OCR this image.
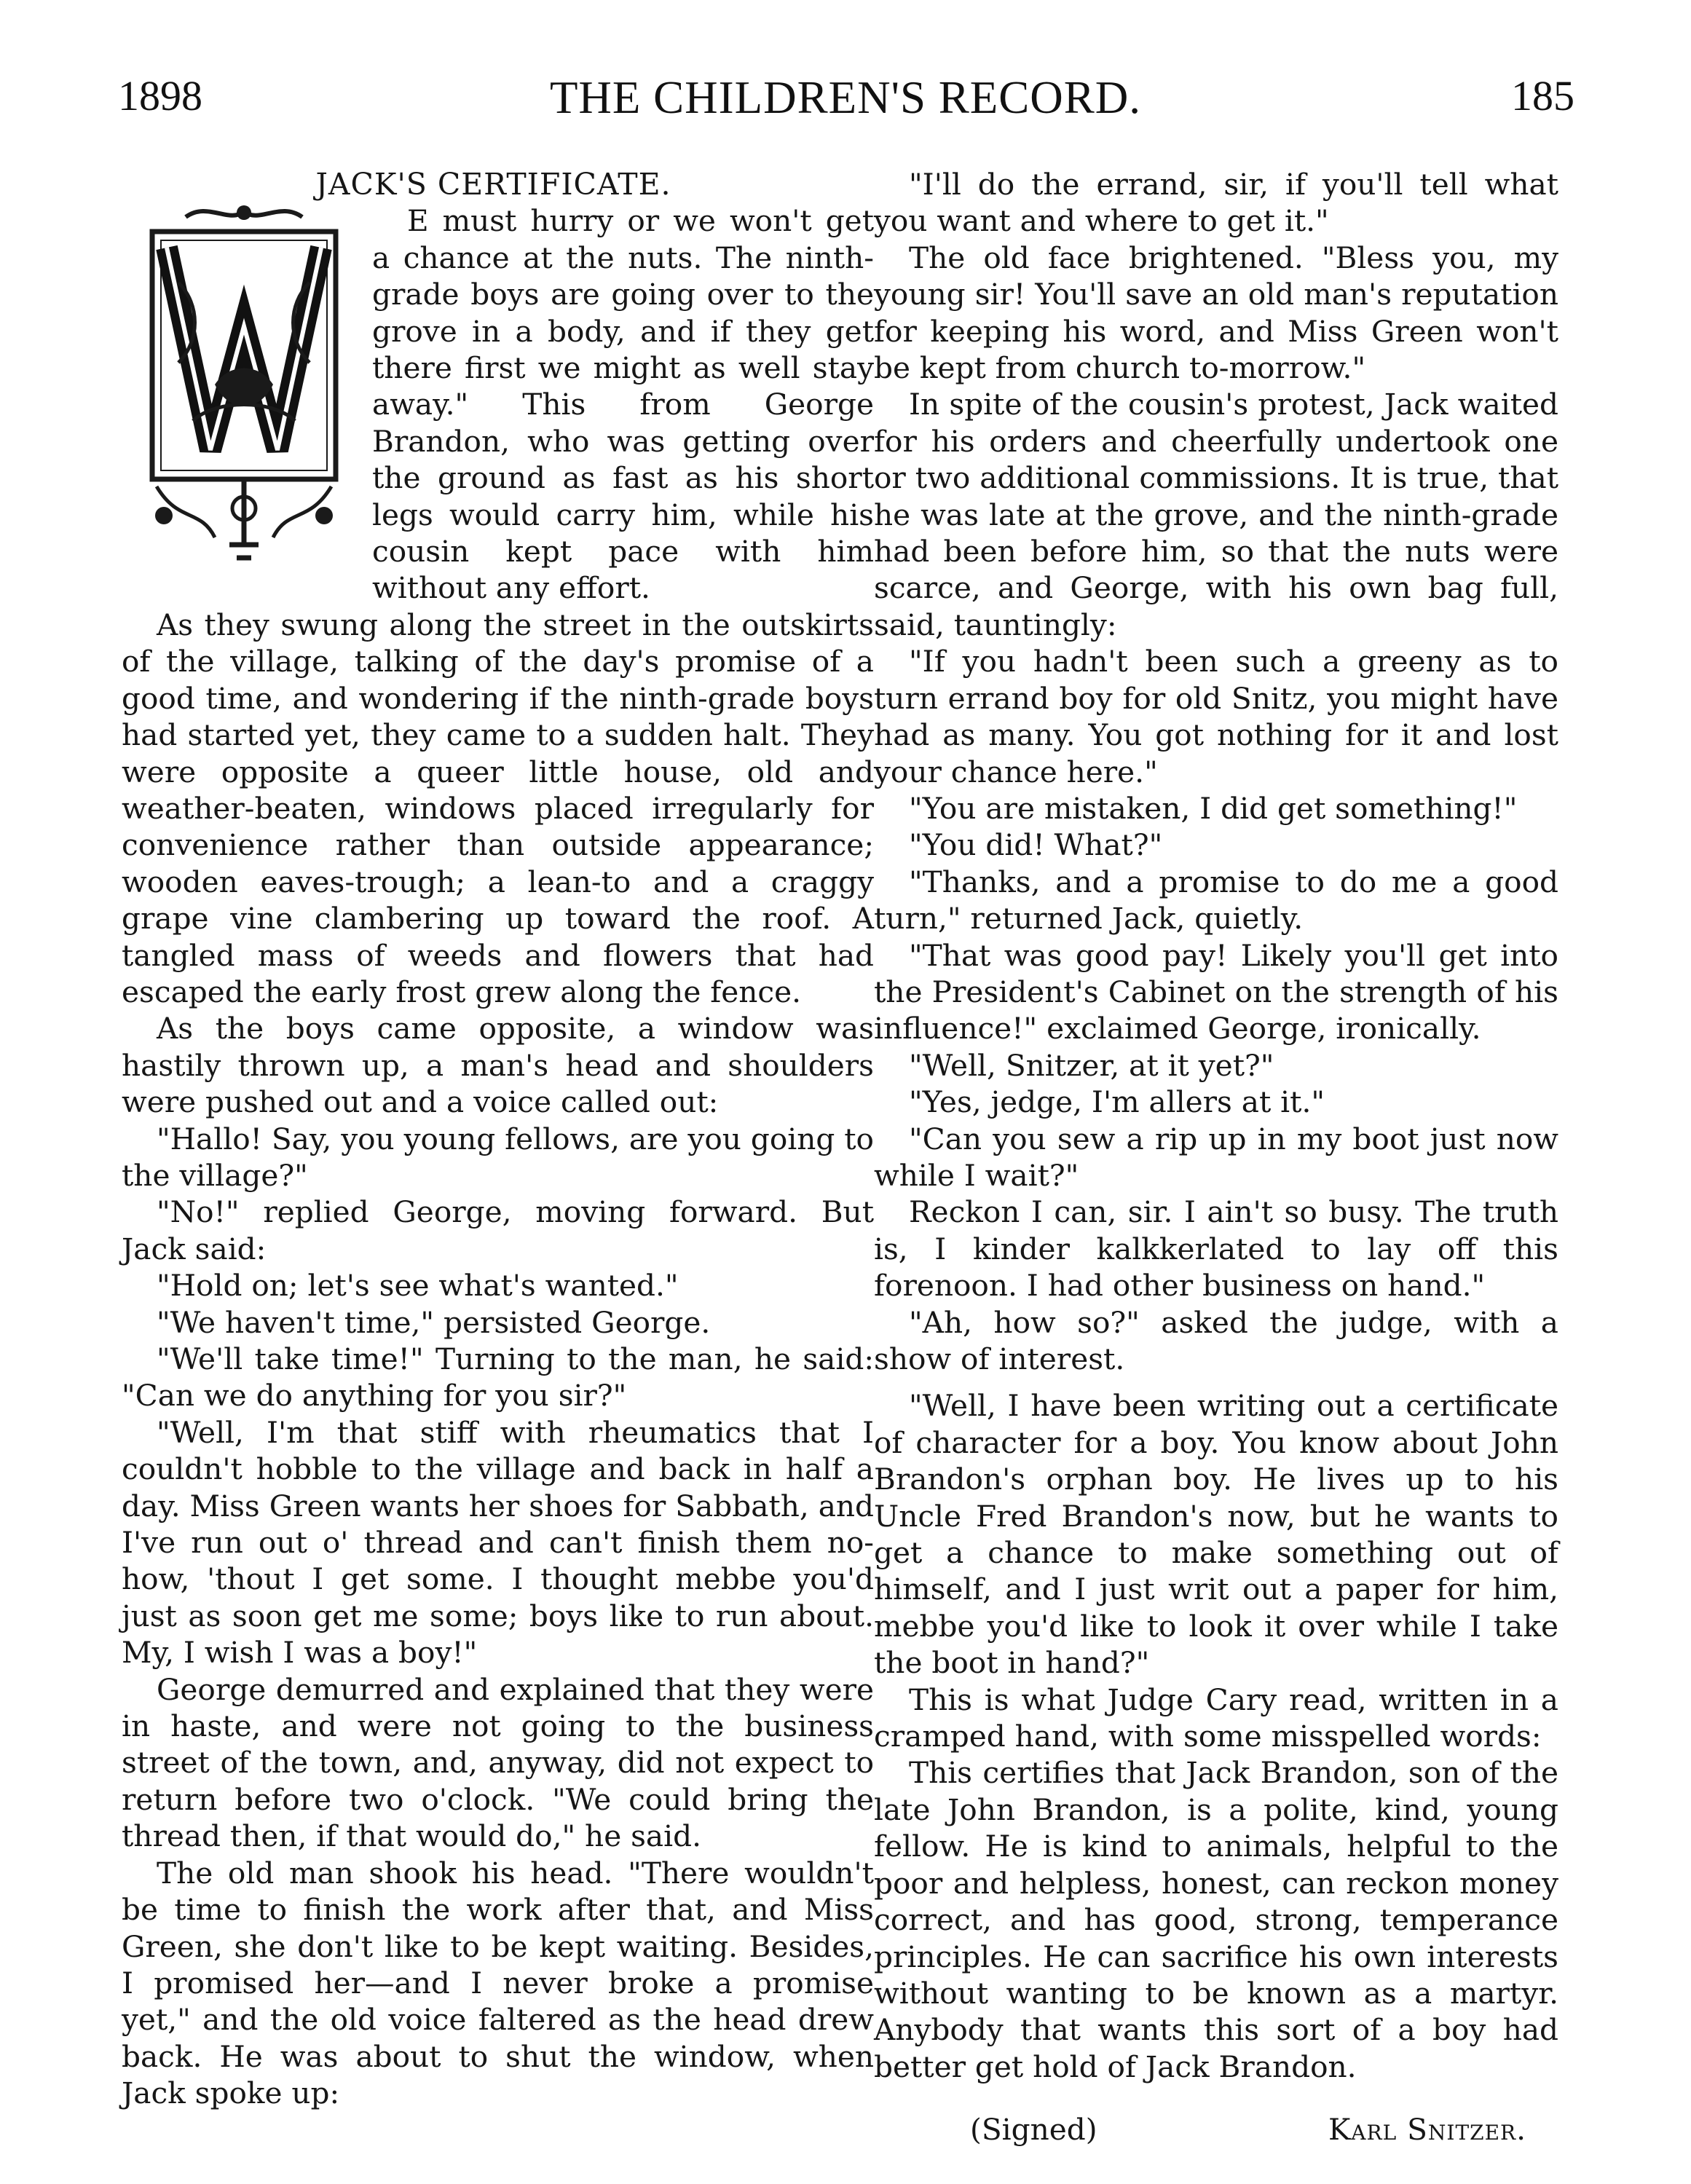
1898	THE CHILDREN'S RECORD.	185

JACK'S CERTIFICATE.

E must hurry or we won't get a chance at the nuts. The ninth-grade boys are going over to the grove in a body, and if they get there first we might as well stay away." This from George Brandon, who was getting over the ground as fast as his short legs would carry him, while his cousin kept pace with him without any effort.

As they swung along the street in the outskirts of the village, talking of the day's promise of a good time, and wondering if the ninth-grade boys had started yet, they came to a sudden halt. They were opposite a queer little house, old and weather-beaten, windows placed irregularly for convenience rather than outside appearance; wooden eaves-trough; a lean-to and a craggy grape vine clambering up toward the roof. A tangled mass of weeds and flowers that had escaped the early frost grew along the fence.

As the boys came opposite, a window was hastily thrown up, a man's head and shoulders were pushed out and a voice called out:

"Hallo! Say, you young fellows, are you going to the village?"

"No!" replied George, moving forward. But Jack said:

"Hold on; let's see what's wanted."

"We haven't time," persisted George.

"We'll take time!" Turning to the man, he said: "Can we do anything for you sir?"

"Well, I'm that stiff with rheumatics that I couldn't hobble to the village and back in half a day. Miss Green wants her shoes for Sabbath, and I've run out o' thread and can't finish them no-how, 'thout I get some. I thought mebbe you'd just as soon get me some; boys like to run about. My, I wish I was a boy!"

George demurred and explained that they were in haste, and were not going to the business street of the town, and, anyway, did not expect to return before two o'clock. "We could bring the thread then, if that would do," he said.

The old man shook his head. "There wouldn't be time to finish the work after that, and Miss Green, she don't like to be kept waiting. Besides, I promised her—and I never broke a promise yet," and the old voice faltered as the head drew back. He was about to shut the window, when Jack spoke up:

"I'll do the errand, sir, if you'll tell what you want and where to get it."

The old face brightened. "Bless you, my young sir! You'll save an old man's reputation for keeping his word, and Miss Green won't be kept from church to-morrow."

In spite of the cousin's protest, Jack waited for his orders and cheerfully undertook one or two additional commissions. It is true, that he was late at the grove, and the ninth-grade had been before him, so that the nuts were scarce, and George, with his own bag full, said, tauntingly:

"If you hadn't been such a greeny as to turn errand boy for old Snitz, you might have had as many. You got nothing for it and lost your chance here."

"You are mistaken, I did get something!"

"You did! What?"

"Thanks, and a promise to do me a good turn," returned Jack, quietly.

"That was good pay! Likely you'll get into the President's Cabinet on the strength of his influence!" exclaimed George, ironically.

"Well, Snitzer, at it yet?"

"Yes, jedge, I'm allers at it."

"Can you sew a rip up in my boot just now while I wait?"

Reckon I can, sir. I ain't so busy. The truth is, I kinder kalkkerlated to lay off this forenoon. I had other business on hand."

"Ah, how so?" asked the judge, with a show of interest.

"Well, I have been writing out a certificate of character for a boy. You know about John Brandon's orphan boy. He lives up to his Uncle Fred Brandon's now, but he wants to get a chance to make something out of himself, and I just writ out a paper for him, mebbe you'd like to look it over while I take the boot in hand?"

This is what Judge Cary read, written in a cramped hand, with some misspelled words:

This certifies that Jack Brandon, son of the late John Brandon, is a polite, kind, young fellow. He is kind to animals, helpful to the poor and helpless, honest, can reckon money correct, and has good, strong, temperance principles. He can sacrifice his own interests without wanting to be known as a martyr. Anybody that wants this sort of a boy had better get hold of Jack Brandon.

(Signed)	Karl Snitzer.
